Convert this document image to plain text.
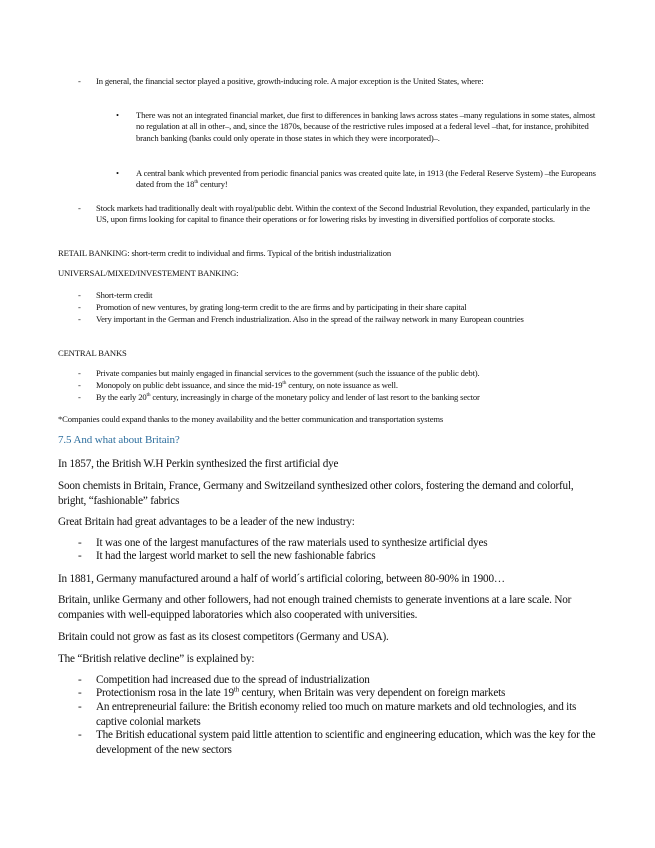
- In general, the financial sector played a positive, growth-inducing role. A major exception is the United States, where:
• There was not an integrated financial market, due first to differences in banking laws across states –many regulations in some states, almost no regulation at all in other–, and, since the 1870s, because of the restrictive rules imposed at a federal level –that, for instance, prohibited branch banking (banks could only operate in those states in which they were incorporated)–.
• A central bank which prevented from periodic financial panics was created quite late, in 1913 (the Federal Reserve System) –the Europeans dated from the 18th century!
- Stock markets had traditionally dealt with royal/public debt. Within the context of the Second Industrial Revolution, they expanded, particularly in the US, upon firms looking for capital to finance their operations or for lowering risks by investing in diversified portfolios of corporate stocks.

RETAIL BANKING: short-term credit to individual and firms. Typical of the british industrialization

UNIVERSAL/MIXED/INVESTEMENT BANKING:

- Short-term credit
- Promotion of new ventures, by grating long-term credit to the are firms and by participating in their share capital
- Very important in the German and French industrialization. Also in the spread of the railway network in many European countries

CENTRAL BANKS

- Private companies but mainly engaged in financial services to the government (such the issuance of the public debt).
- Monopoly on public debt issuance, and since the mid-19th century, on note issuance as well.
- By the early 20th century, increasingly in charge of the monetary policy and lender of last resort to the banking sector

*Companies could expand thanks to the money availability and the better communication and transportation systems

7.5 And what about Britain?

In 1857, the British W.H Perkin synthesized the first artificial dye

Soon chemists in Britain, France, Germany and Switzeiland synthesized other colors, fostering the demand and colorful, bright, “fashionable” fabrics

Great Britain had great advantages to be a leader of the new industry:

- It was one of the largest manufactures of the raw materials used to synthesize artificial dyes
- It had the largest world market to sell the new fashionable fabrics

In 1881, Germany manufactured around a half of world´s artificial coloring, between 80-90% in 1900…

Britain, unlike Germany and other followers, had not enough trained chemists to generate inventions at a lare scale. Nor companies with well-equipped laboratories which also cooperated with universities.

Britain could not grow as fast as its closest competitors (Germany and USA).

The “British relative decline” is explained by:

- Competition had increased due to the spread of industrialization
- Protectionism rosa in the late 19th century, when Britain was very dependent on foreign markets
- An entrepreneurial failure: the British economy relied too much on mature markets and old technologies, and its captive colonial markets
- The British educational system paid little attention to scientific and engineering education, which was the key for the development of the new sectors
